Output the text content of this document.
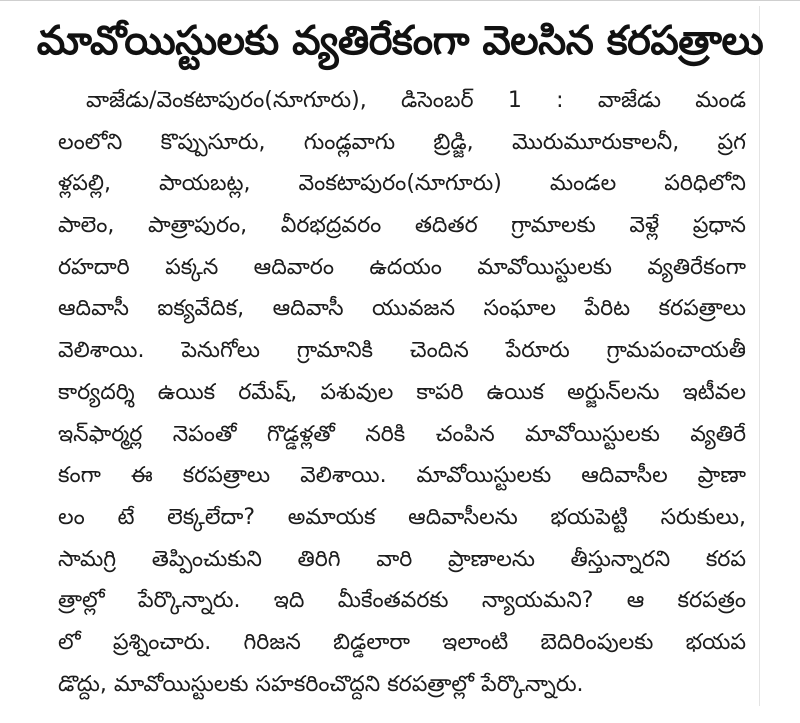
మావోయిస్టులకు వ్యతిరేకంగా వెలసిన కరపత్రాలు
వాజేడు/వెంకటాపురం(నూగూరు), డిసెంబర్ 1 : వాజేడు మండ
లంలోని కొప్పుసూరు, గుండ్లవాగు బ్రిడ్జి, మొరుమూరుకాలనీ, ప్రగ
ళ్లపల్లి, పాయబట్ల, వెంకటాపురం(నూగూరు) మండల పరిధిలోని
పాలెం, పాత్రాపురం, వీరభద్రవరం తదితర గ్రామాలకు వెళ్లే ప్రధాన
రహదారి పక్కన ఆదివారం ఉదయం మావోయిస్టులకు వ్యతిరేకంగా
ఆదివాసీ ఐక్యవేదిక, ఆదివాసీ యువజన సంఘాల పేరిట కరపత్రాలు
వెలిశాయి. పెనుగోలు గ్రామానికి చెందిన పేరూరు గ్రామపంచాయతీ
కార్యదర్శి ఉయిక రమేష్, పశువుల కాపరి ఉయిక అర్జున్‌లను ఇటీవల
ఇన్‌ఫార్మర్ల నెపంతో గొడ్డళ్లతో నరికి చంపిన మావోయిస్టులకు వ్యతిరే
కంగా ఈ కరపత్రాలు వెలిశాయి. మావోయిస్టులకు ఆదివాసీల ప్రాణా
లం టే లెక్కలేదా? అమాయక ఆదివాసీలను భయపెట్టి సరుకులు,
సామగ్రి తెప్పించుకుని తిరిగి వారి ప్రాణాలను తీస్తున్నారని కరప
త్రాల్లో పేర్కొన్నారు. ఇది మీకేంతవరకు న్యాయమని? ఆ కరపత్రం
లో ప్రశ్నించారు. గిరిజన బిడ్డలారా ఇలాంటి బెదిరింపులకు భయప
డొద్దు, మావోయిస్టులకు సహకరించొద్దని కరపత్రాల్లో పేర్కొన్నారు.
